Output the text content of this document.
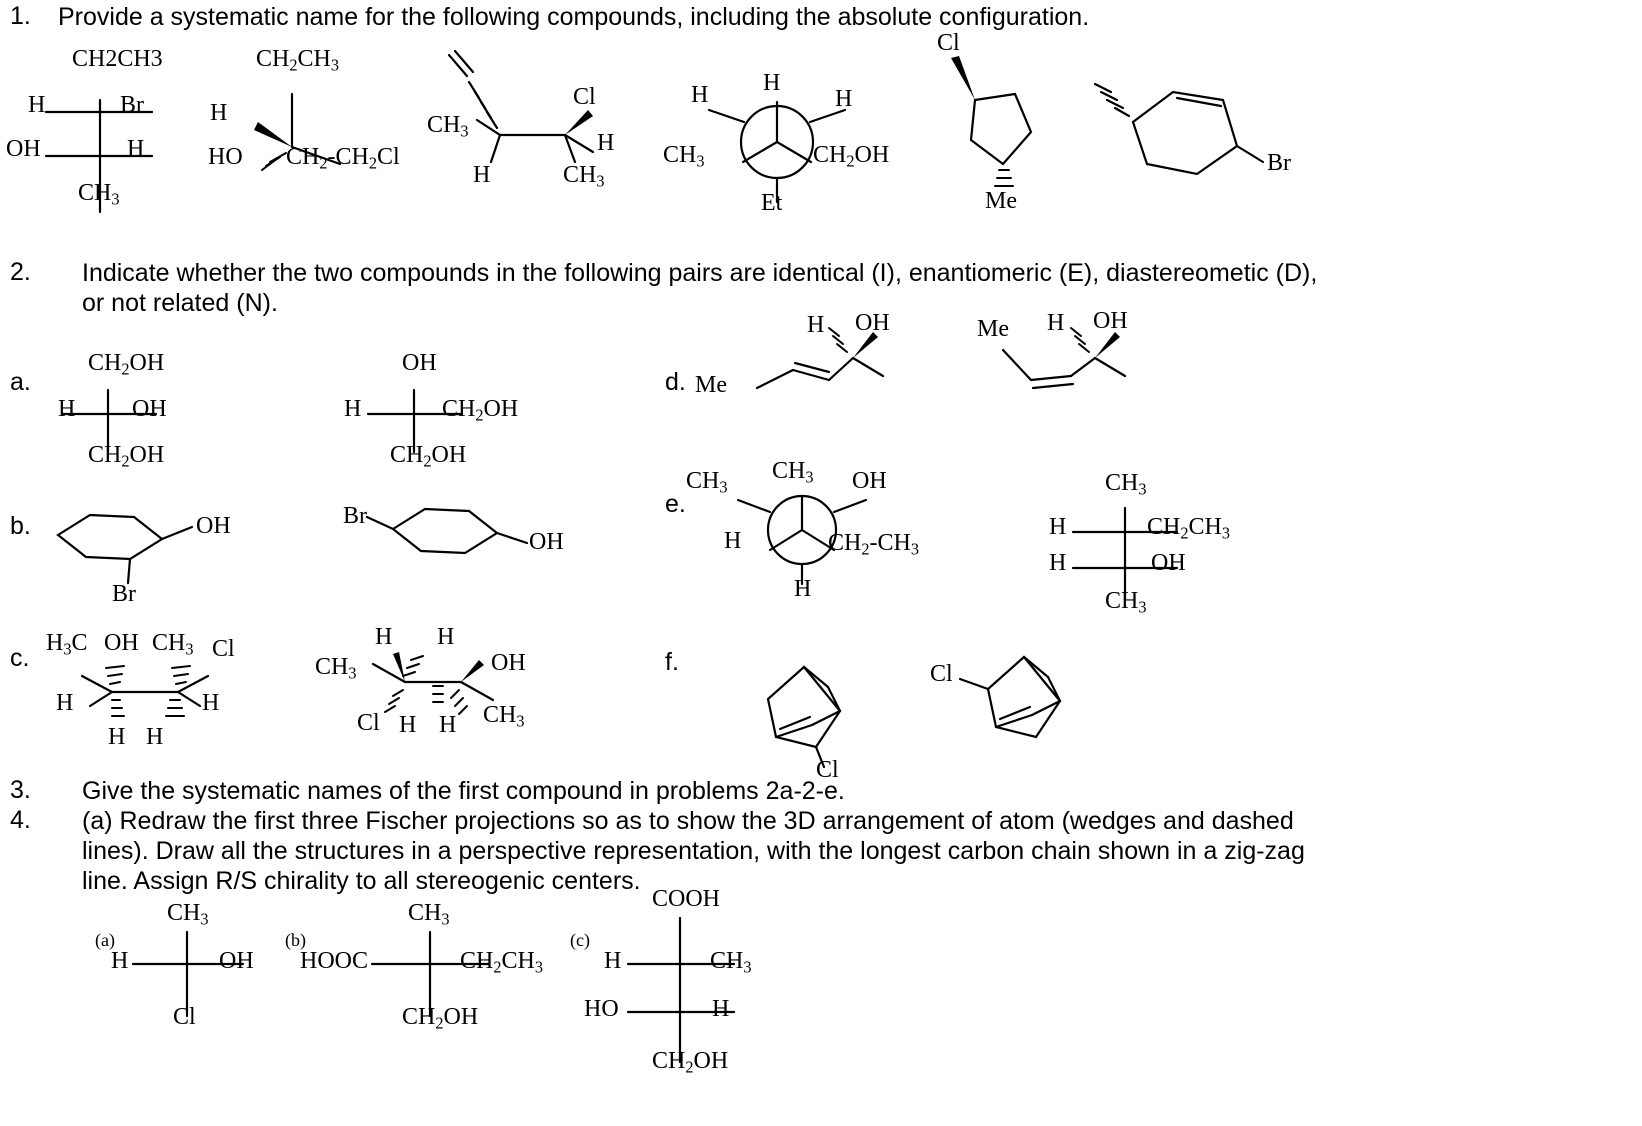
1. Provide a systematic name for the following compounds, including the absolute configuration.
CH2CH3
H	Br
OH	H
$CH_3$
$CH_2CH_3$
H
HO $CH_2-CH_2Cl$
$CH_3$
Cl
H
H	$CH_3$
H H
H
$CH_3$	$CH_2OH$
Et
Cl
Me
Br
2. Indicate whether the two compounds in the following pairs are identical (I), enantiomeric (E), diastereometic (D),
or not related (N).
a.
$CH_2OH$
H OH
$CH_2OH$
OH
H	$CH_2OH$
$CH_2OH$
d. Me
H OH	Me H OH
b.	OH
Br
Br
OH
e.
$CH_3$
$CH_3$ OH
H	$CH_2-CH_3$
H
$CH_3$
H	$CH_2CH_3$
H	OH
$CH_3$
c.
$H_3C$ OH $CH_3$ Cl
H	H
H H
H H
$CH_3$	OH
Cl H H $CH_3$
f.
Cl
Cl
3. Give the systematic names of the first compound in problems 2a-2-e.
4. (a) Redraw the first three Fischer projections so as to show the 3D arrangement of atom (wedges and dashed
lines). Draw all the structures in a perspective representation, with the longest carbon chain shown in a zig-zag
line. Assign R/S chirality to all stereogenic centers.
(a)
$CH_3$
H	OH
Cl
(b)
$CH_3$
HOOC	$CH_2CH_3$
$CH_2OH$
(c)
COOH
H	$CH_3$
HO	H
$CH_2OH$
